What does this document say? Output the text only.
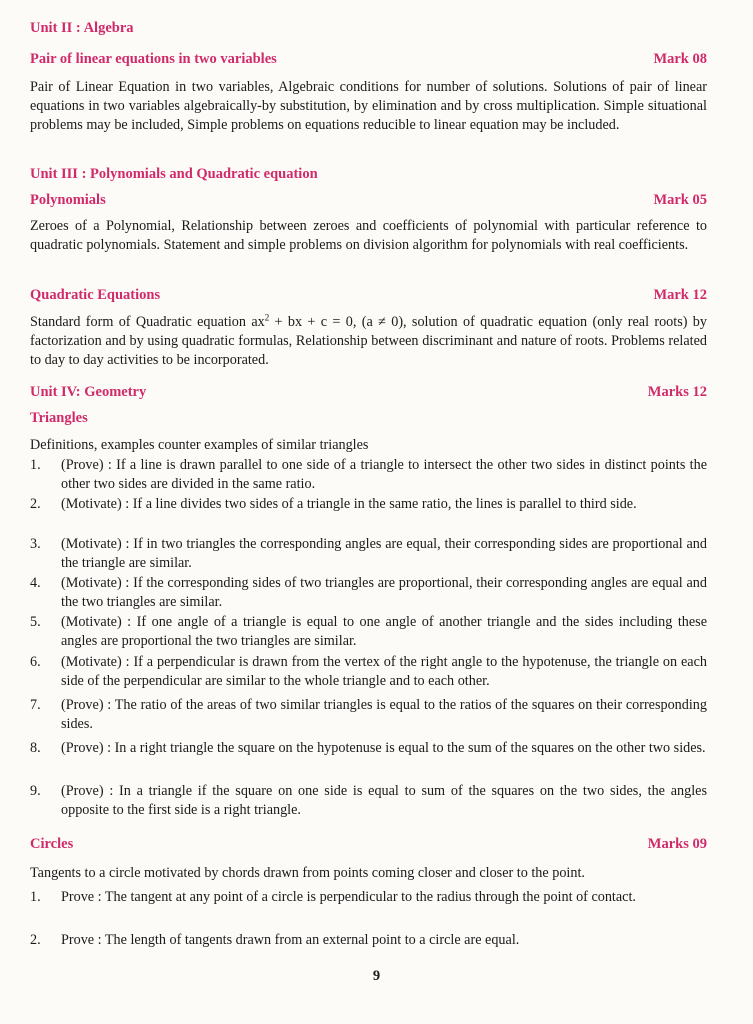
Unit II : Algebra
Pair of linear equations in two variables	Mark 08
Pair of Linear Equation in two variables, Algebraic conditions for number of solutions. Solutions of pair of linear equations in two variables algebraically-by substitution, by elimination and by cross multiplication. Simple situational problems may be included, Simple problems on equations reducible to linear equation may be included.
Unit III : Polynomials and Quadratic equation
Polynomials	Mark 05
Zeroes of a Polynomial, Relationship between zeroes and coefficients of polynomial with particular reference to quadratic polynomials. Statement and simple problems on division algorithm for polynomials with real coefficients.
Quadratic Equations	Mark 12
Standard form of Quadratic equation $ax^2$ + bx + c = 0, (a ≠ 0), solution of quadratic equation (only real roots) by factorization and by using quadratic formulas, Relationship between discriminant and nature of roots. Problems related to day to day activities to be incorporated.
Unit IV: Geometry	Marks 12
Triangles
Definitions, examples counter examples of similar triangles
1. (Prove) : If a line is drawn parallel to one side of a triangle to intersect the other two sides in distinct points the other two sides are divided in the same ratio.
2. (Motivate) : If a line divides two sides of a triangle in the same ratio, the lines is parallel to third side.
3. (Motivate) : If in two triangles the corresponding angles are equal, their corresponding sides are proportional and the triangle are similar.
4. (Motivate) : If the corresponding sides of two triangles are proportional, their corresponding angles are equal and the two triangles are similar.
5. (Motivate) : If one angle of a triangle is equal to one angle of another triangle and the sides including these angles are proportional the two triangles are similar.
6. (Motivate) : If a perpendicular is drawn from the vertex of the right angle to the hypotenuse, the triangle on each side of the perpendicular are similar to the whole triangle and to each other.
7. (Prove) : The ratio of the areas of two similar triangles is equal to the ratios of the squares on their corresponding sides.
8. (Prove) : In a right triangle the square on the hypotenuse is equal to the sum of the squares on the other two sides.
9. (Prove) : In a triangle if the square on one side is equal to sum of the squares on the two sides, the angles opposite to the first side is a right triangle.
Circles	Marks 09
Tangents to a circle motivated by chords drawn from points coming closer and closer to the point.
1. Prove : The tangent at any point of a circle is perpendicular to the radius through the point of contact.
2. Prove : The length of tangents drawn from an external point to a circle are equal.
9
